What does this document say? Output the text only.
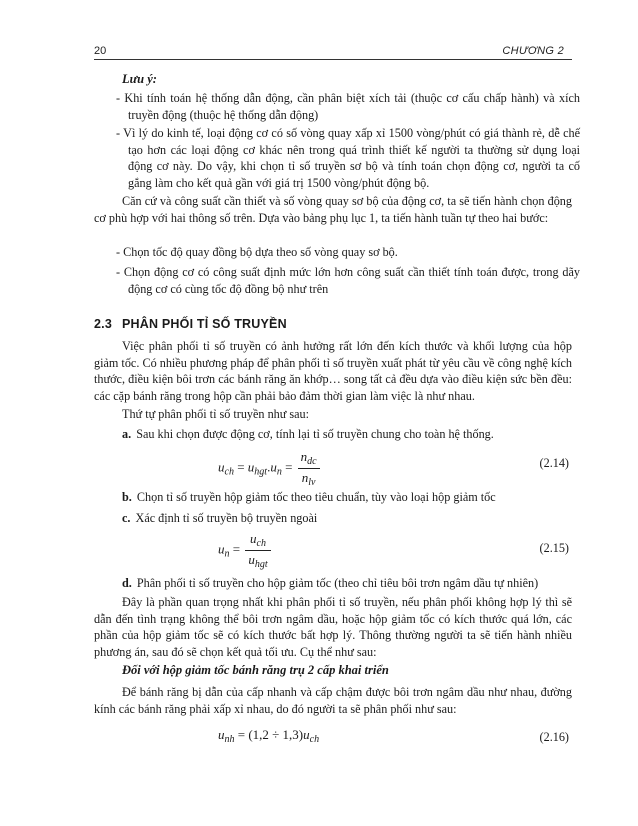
20	CHƯƠNG 2
Lưu ý:
- Khi tính toán hệ thống dẫn động, cần phân biệt xích tải (thuộc cơ cấu chấp hành) và xích truyền động (thuộc hệ thống dẫn động)
- Vì lý do kinh tế, loại động cơ có số vòng quay xấp xỉ 1500 vòng/phút có giá thành rẻ, dễ chế tạo hơn các loại động cơ khác nên trong quá trình thiết kế người ta thường sử dụng loại động cơ này. Do vậy, khi chọn tỉ số truyền sơ bộ và tính toán chọn động cơ, người ta cố gắng làm cho kết quả gần với giá trị 1500 vòng/phút động bộ.
Căn cứ và công suất cần thiết và số vòng quay sơ bộ của động cơ, ta sẽ tiến hành chọn động cơ phù hợp với hai thông số trên. Dựa vào bảng phụ lục 1, ta tiến hành tuần tự theo hai bước:
- Chọn tốc độ quay đồng bộ dựa theo số vòng quay sơ bộ.
- Chọn động cơ có công suất định mức lớn hơn công suất cần thiết tính toán được, trong dãy động cơ có cùng tốc độ đồng bộ như trên
2.3 PHÂN PHỐI TỈ SỐ TRUYỀN
Việc phân phối tỉ số truyền có ảnh hưởng rất lớn đến kích thước và khối lượng của hộp giảm tốc. Có nhiều phương pháp để phân phối tỉ số truyền xuất phát từ yêu cầu về công nghệ kích thước, điều kiện bôi trơn các bánh răng ăn khớp… song tất cả đều dựa vào điều kiện sức bền đều: các cặp bánh răng trong hộp cần phải bảo đảm thời gian làm việc là như nhau.
Thứ tự phân phối tỉ số truyền như sau:
a. Sau khi chọn được động cơ, tính lại tỉ số truyền chung cho toàn hệ thống.
$u_{ch} = u_{hgt}.u_n = \frac{n_{dc}}{n_{lv}}$	(2.14)
b. Chọn tỉ số truyền hộp giảm tốc theo tiêu chuẩn, tùy vào loại hộp giảm tốc
c. Xác định tỉ số truyền bộ truyền ngoài
$u_n = \frac{u_{ch}}{u_{hgt}}$	(2.15)
d. Phân phối tỉ số truyền cho hộp giảm tốc (theo chỉ tiêu bôi trơn ngâm dầu tự nhiên)
Đây là phần quan trọng nhất khi phân phối tỉ số truyền, nếu phân phối không hợp lý thì sẽ dẫn đến tình trạng không thể bôi trơn ngâm dầu, hoặc hộp giảm tốc có kích thước quá lớn, các phần của hộp giảm tốc sẽ có kích thước bất hợp lý. Thông thường người ta sẽ tiến hành nhiều phương án, sau đó sẽ chọn kết quả tối ưu. Cụ thể như sau:
Đối với hộp giảm tốc bánh răng trụ 2 cấp khai triển
Để bánh răng bị dẫn của cấp nhanh và cấp chậm được bôi trơn ngâm dầu như nhau, đường kính các bánh răng phải xấp xỉ nhau, do đó người ta sẽ phân phối như sau:
$u_{nh} = (1,2 \div 1,3)u_{ch}$	(2.16)
